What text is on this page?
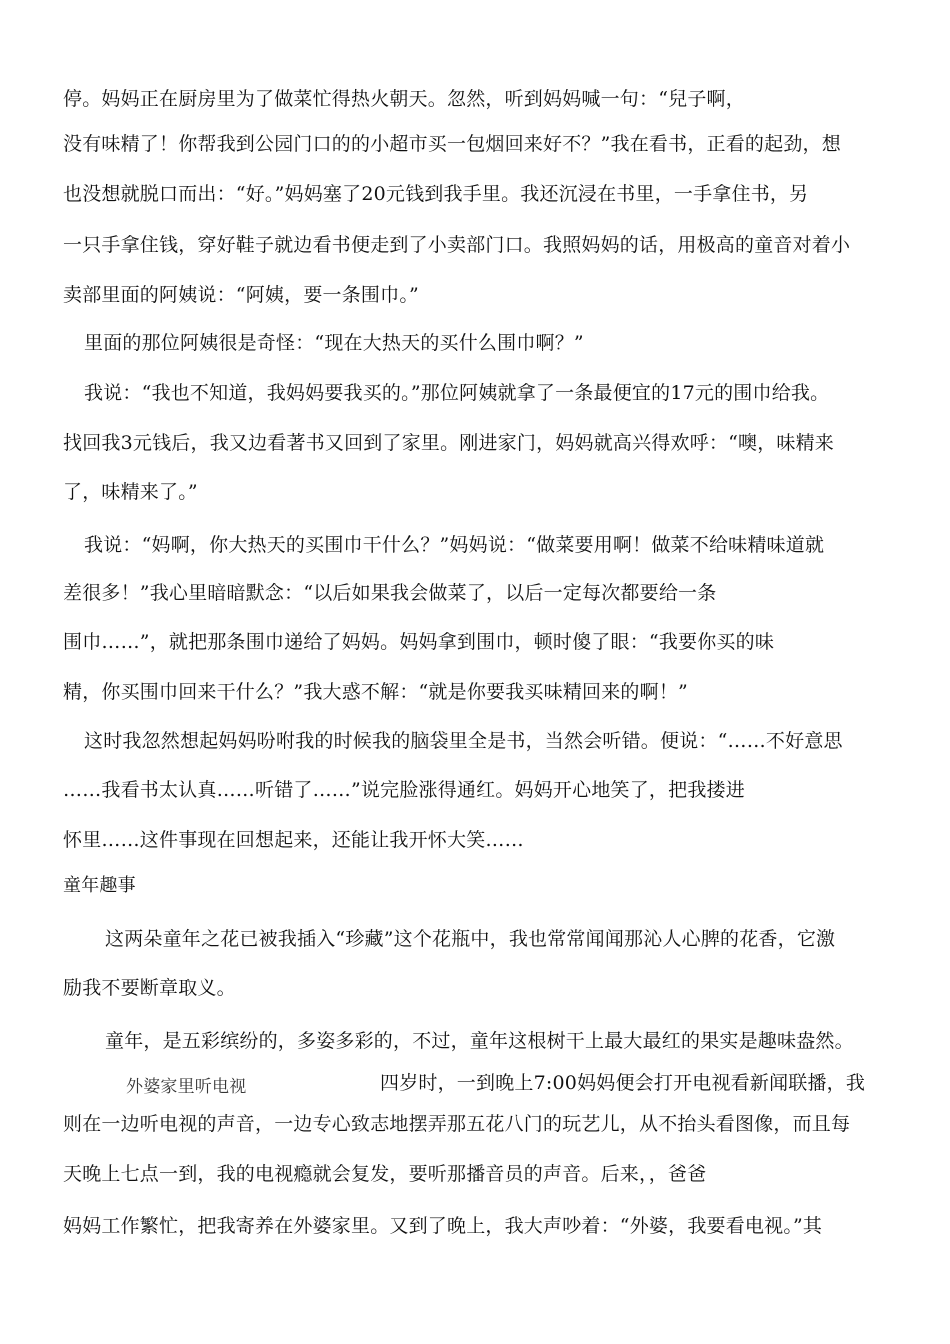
停。妈妈正在厨房里为了做菜忙得热火朝天。忽然，听到妈妈喊一句：“兒子啊，
没有味精了！你帮我到公园门口的的小超市买一包烟回来好不？”我在看书，正看的起劲，想
也没想就脱口而出：“好。”妈妈塞了20元钱到我手里。我还沉浸在书里，一手拿住书，另
一只手拿住钱，穿好鞋子就边看书便走到了小卖部门口。我照妈妈的话，用极高的童音对着小
卖部里面的阿姨说：“阿姨，要一条围巾。”
里面的那位阿姨很是奇怪：“现在大热天的买什么围巾啊？”
我说：“我也不知道，我妈妈要我买的。”那位阿姨就拿了一条最便宜的17元的围巾给我。
找回我3元钱后，我又边看著书又回到了家里。刚进家门，妈妈就高兴得欢呼：“噢，味精来
了，味精来了。”
我说：“妈啊，你大热天的买围巾干什么？”妈妈说：“做菜要用啊！做菜不给味精味道就
差很多！”我心里暗暗默念：“以后如果我会做菜了，以后一定每次都要给一条
围巾……”，就把那条围巾递给了妈妈。妈妈拿到围巾，顿时傻了眼：“我要你买的味
精，你买围巾回来干什么？”我大惑不解：“就是你要我买味精回来的啊！”
这时我忽然想起妈妈吩咐我的时候我的脑袋里全是书，当然会听错。便说：“……不好意思
……我看书太认真……听错了……”说完脸涨得通红。妈妈开心地笑了，把我搂进
怀里……这件事现在回想起来，还能让我开怀大笑……
童年趣事
这两朵童年之花已被我插入“珍藏”这个花瓶中，我也常常闻闻那沁人心脾的花香，它激
励我不要断章取义。
童年，是五彩缤纷的，多姿多彩的，不过，童年这根树干上最大最红的果实是趣味盎然。
外婆家里听电视	四岁时，一到晚上7:00妈妈便会打开电视看新闻联播，我
则在一边听电视的声音，一边专心致志地摆弄那五花八门的玩艺儿，从不抬头看图像，而且每
天晚上七点一到，我的电视瘾就会复发，要听那播音员的声音。后来，，爸爸
妈妈工作繁忙，把我寄养在外婆家里。又到了晚上，我大声吵着：“外婆，我要看电视。”其
